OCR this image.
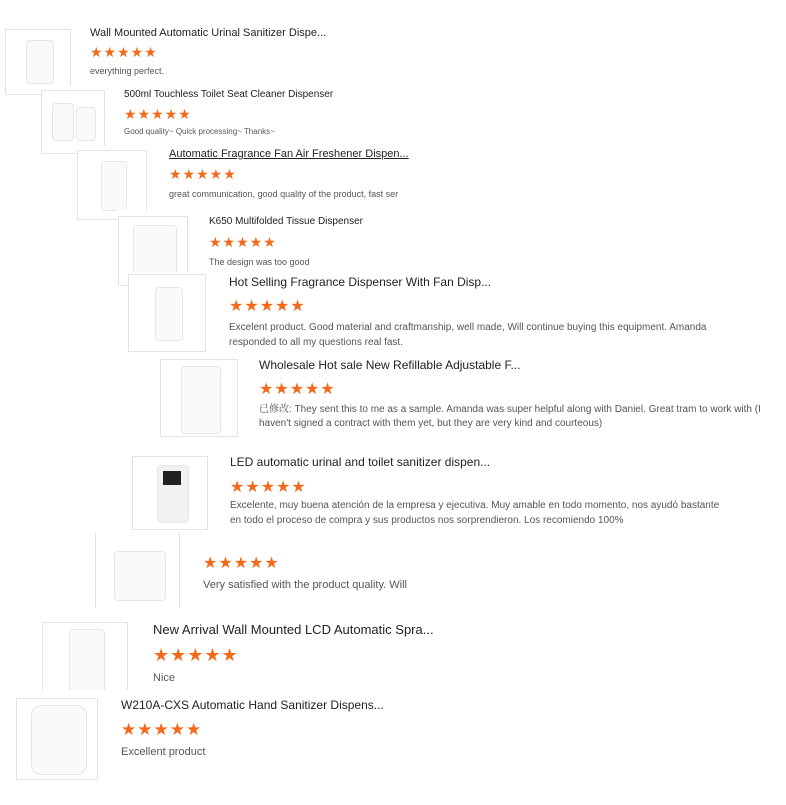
Wall Mounted Automatic Urinal Sanitizer Dispe...
★★★★★
everything perfect.
500ml Touchless Toilet Seat Cleaner Dispenser
★★★★★
Good quality~ Quick processing~ Thanks~
Automatic Fragrance Fan Air Freshener Dispen...
★★★★★
great communication, good quality of the product, fast ser
K650 Multifolded Tissue Dispenser
★★★★★
The design was too good
Hot Selling Fragrance Dispenser With Fan Disp...
★★★★★
Excelent product. Good material and craftmanship, well made, Will continue buying this equipment. Amanda responded to all my questions real fast.
Wholesale Hot sale New Refillable Adjustable F...
★★★★★
已修改: They sent this to me as a sample. Amanda was super helpful along with Daniel. Great tram to work with (I haven't signed a contract with them yet, but they are very kind and courteous)
LED automatic urinal and toilet sanitizer dispen...
★★★★★
Excelente, muy buena atención de la empresa y ejecutiva. Muy amable en todo momento, nos ayudó bastante en todo el proceso de compra y sus productos nos sorprendieron. Los recomiendo 100%
★★★★★
Very satisfied with the product quality. Will
New Arrival Wall Mounted LCD Automatic Spra...
★★★★★
Nice
W210A-CXS Automatic Hand Sanitizer Dispens...
★★★★★
Excellent product
